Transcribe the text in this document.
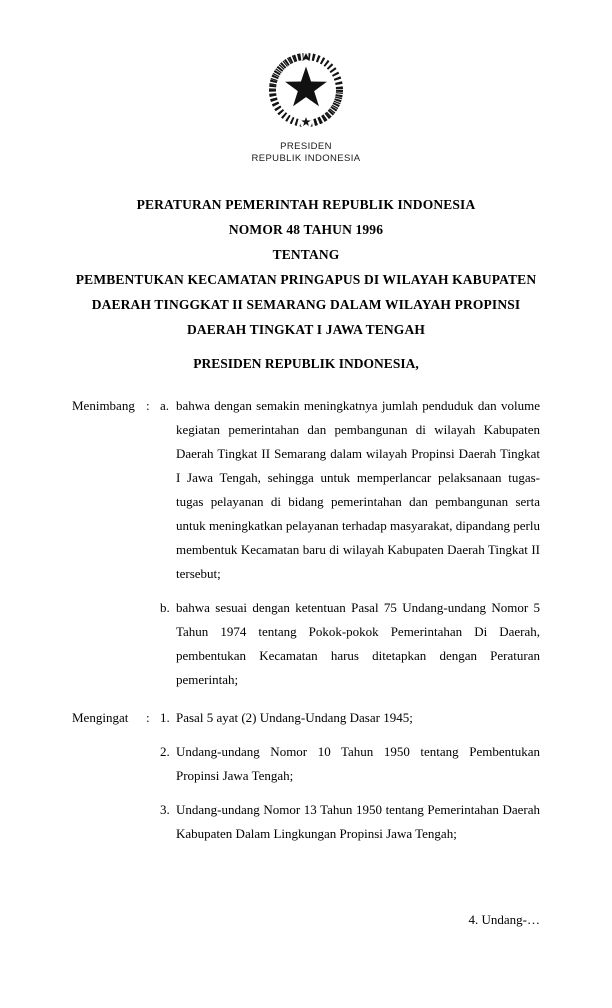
PRESIDEN
REPUBLIK INDONESIA
PERATURAN PEMERINTAH REPUBLIK INDONESIA
NOMOR 48 TAHUN 1996
TENTANG
PEMBENTUKAN KECAMATAN PRINGAPUS DI WILAYAH KABUPATEN
DAERAH TINGGKAT II SEMARANG DALAM WILAYAH PROPINSI
DAERAH TINGKAT I JAWA TENGAH
PRESIDEN REPUBLIK INDONESIA,
Menimbang : a. bahwa dengan semakin meningkatnya jumlah penduduk dan volume kegiatan pemerintahan dan pembangunan di wilayah Kabupaten Daerah Tingkat II Semarang dalam wilayah Propinsi Daerah Tingkat I Jawa Tengah, sehingga untuk memperlancar pelaksanaan tugas-tugas pelayanan di bidang pemerintahan dan pembangunan serta untuk meningkatkan pelayanan terhadap masyarakat, dipandang perlu membentuk Kecamatan baru di wilayah Kabupaten Daerah Tingkat II tersebut;
b. bahwa sesuai dengan ketentuan Pasal 75 Undang-undang Nomor 5 Tahun 1974 tentang Pokok-pokok Pemerintahan Di Daerah, pembentukan Kecamatan harus ditetapkan dengan Peraturan pemerintah;
Mengingat	: 1. Pasal 5 ayat (2) Undang-Undang Dasar 1945;
2. Undang-undang Nomor 10 Tahun 1950 tentang Pembentukan Propinsi Jawa Tengah;
3. Undang-undang Nomor 13 Tahun 1950 tentang Pemerintahan Daerah Kabupaten Dalam Lingkungan Propinsi Jawa Tengah;
4. Undang-…
